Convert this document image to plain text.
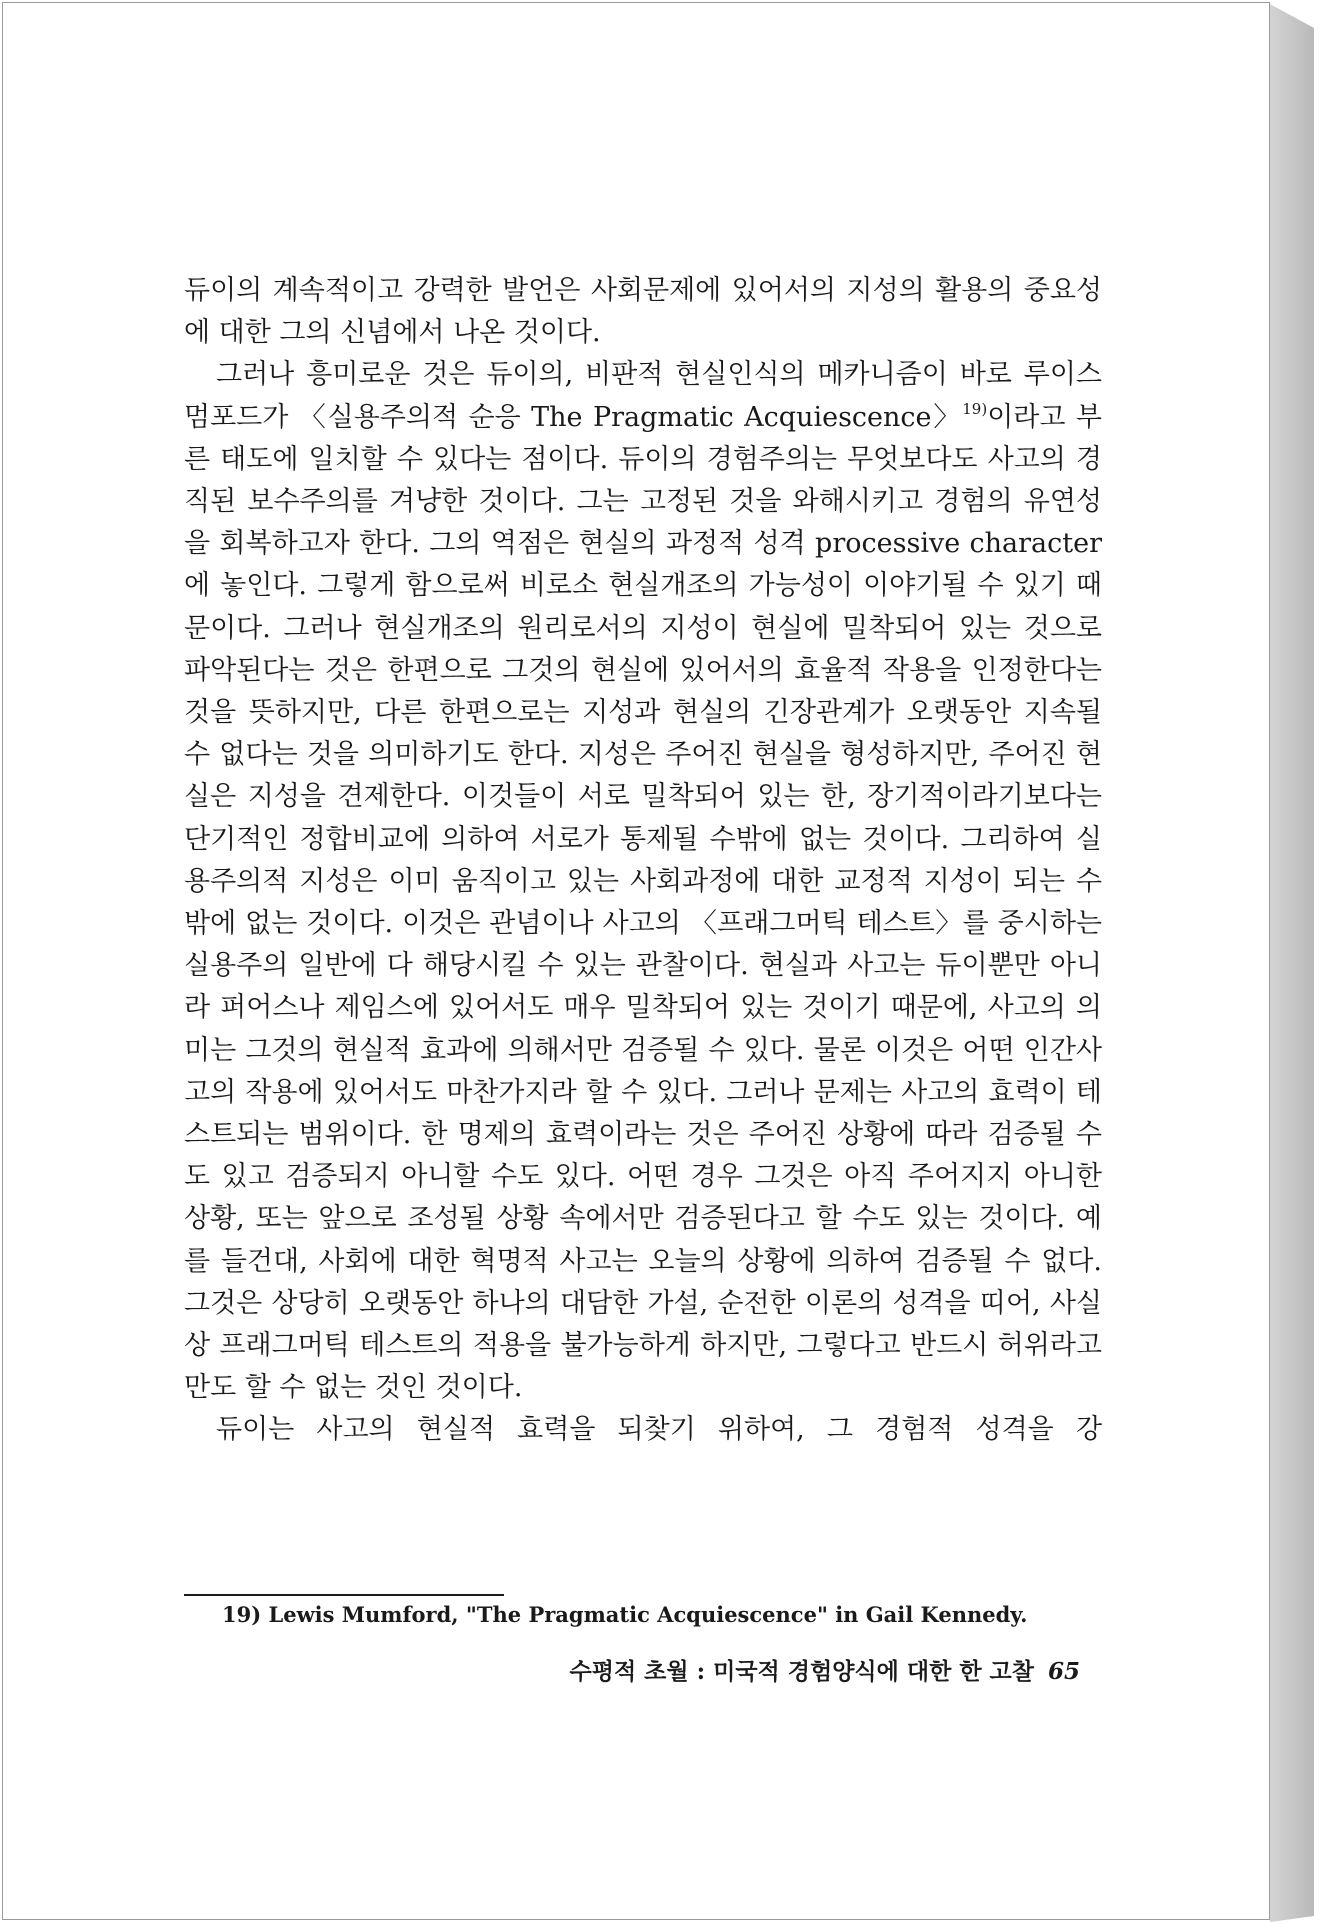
듀이의 계속적이고 강력한 발언은 사회문제에 있어서의 지성의 활용의 중요성에 대한 그의 신념에서 나온 것이다.

그러나 흥미로운 것은 듀이의, 비판적 현실인식의 메카니즘이 바로 루이스 멈포드가 〈실용주의적 순응 The Pragmatic Acquiescence〉$^{19)}$이라고 부른 태도에 일치할 수 있다는 점이다. 듀이의 경험주의는 무엇보다도 사고의 경직된 보수주의를 겨냥한 것이다. 그는 고정된 것을 와해시키고 경험의 유연성을 회복하고자 한다. 그의 역점은 현실의 과정적 성격 processive character 에 놓인다. 그렇게 함으로써 비로소 현실개조의 가능성이 이야기될 수 있기 때문이다. 그러나 현실개조의 원리로서의 지성이 현실에 밀착되어 있는 것으로 파악된다는 것은 한편으로 그것의 현실에 있어서의 효율적 작용을 인정한다는 것을 뜻하지만, 다른 한편으로는 지성과 현실의 긴장관계가 오랫동안 지속될 수 없다는 것을 의미하기도 한다. 지성은 주어진 현실을 형성하지만, 주어진 현실은 지성을 견제한다. 이것들이 서로 밀착되어 있는 한, 장기적이라기보다는 단기적인 정합비교에 의하여 서로가 통제될 수밖에 없는 것이다. 그리하여 실용주의적 지성은 이미 움직이고 있는 사회과정에 대한 교정적 지성이 되는 수밖에 없는 것이다. 이것은 관념이나 사고의 〈프래그머틱 테스트〉를 중시하는 실용주의 일반에 다 해당시킬 수 있는 관찰이다. 현실과 사고는 듀이뿐만 아니라 퍼어스나 제임스에 있어서도 매우 밀착되어 있는 것이기 때문에, 사고의 의미는 그것의 현실적 효과에 의해서만 검증될 수 있다. 물론 이것은 어떤 인간사고의 작용에 있어서도 마찬가지라 할 수 있다. 그러나 문제는 사고의 효력이 테스트되는 범위이다. 한 명제의 효력이라는 것은 주어진 상황에 따라 검증될 수도 있고 검증되지 아니할 수도 있다. 어떤 경우 그것은 아직 주어지지 아니한 상황, 또는 앞으로 조성될 상황 속에서만 검증된다고 할 수도 있는 것이다. 예를 들건대, 사회에 대한 혁명적 사고는 오늘의 상황에 의하여 검증될 수 없다. 그것은 상당히 오랫동안 하나의 대담한 가설, 순전한 이론의 성격을 띠어, 사실상 프래그머틱 테스트의 적용을 불가능하게 하지만, 그렇다고 반드시 허위라고만도 할 수 없는 것인 것이다.

듀이는 사고의 현실적 효력을 되찾기 위하여, 그 경험적 성격을 강

19) Lewis Mumford, "The Pragmatic Acquiescence" in Gail Kennedy.
수평적 초월 : 미국적 경험양식에 대한 한 고찰 65
